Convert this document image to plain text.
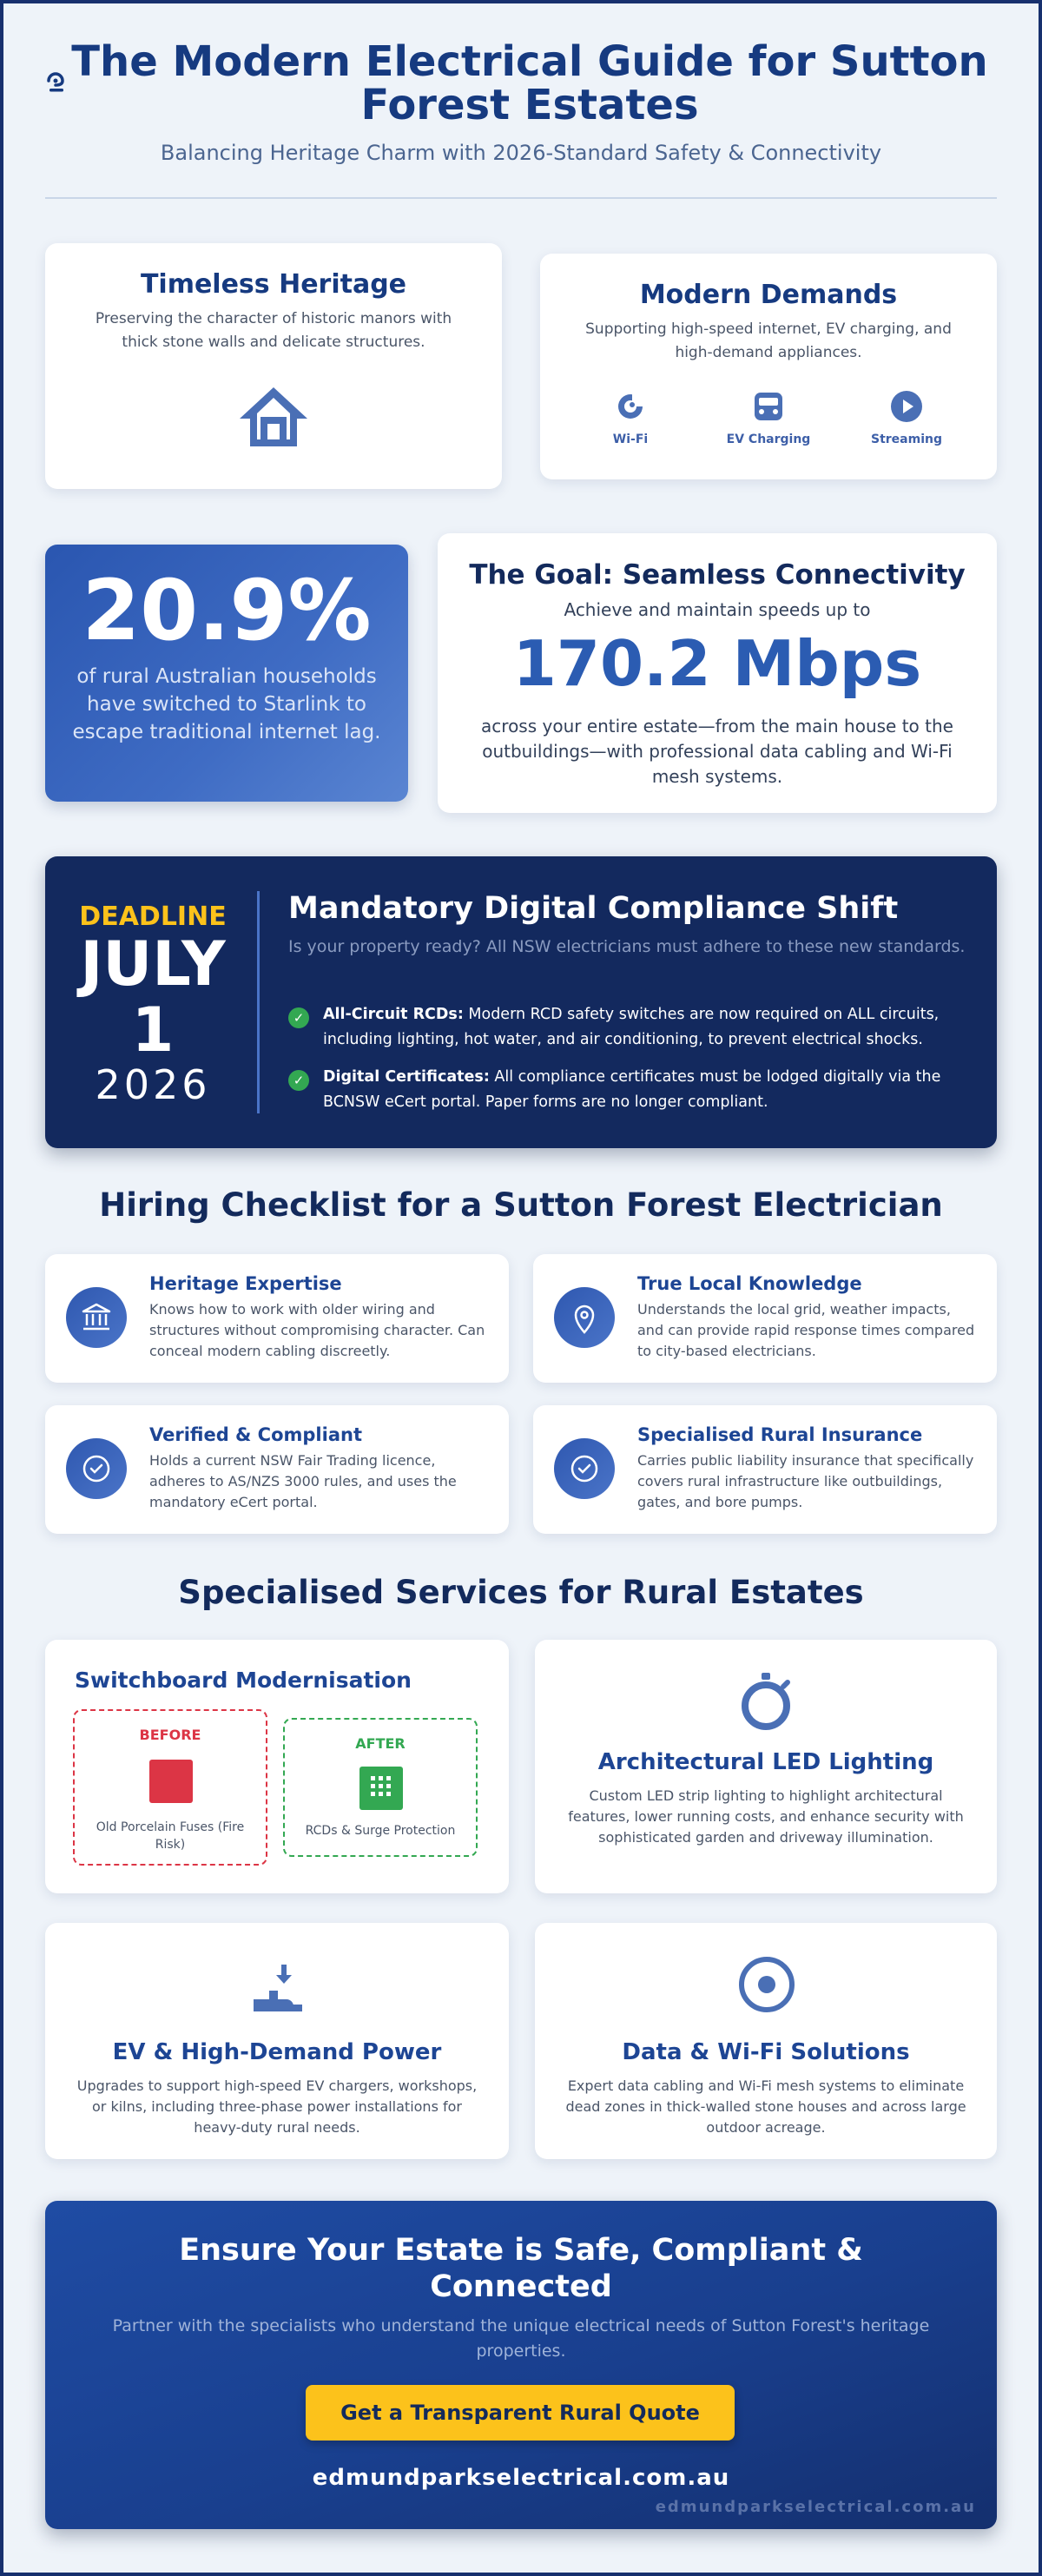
The Modern Electrical Guide for Sutton Forest Estates
Balancing Heritage Charm with 2026-Standard Safety & Connectivity
Timeless Heritage
Preserving the character of historic manors with thick stone walls and delicate structures.
Modern Demands
Supporting high-speed internet, EV charging, and high-demand appliances.
Wi-Fi	EV Charging	Streaming
20.9%
of rural Australian households have switched to Starlink to escape traditional internet lag.
The Goal: Seamless Connectivity
Achieve and maintain speeds up to
170.2 Mbps
across your entire estate—from the main house to the outbuildings—with professional data cabling and Wi-Fi mesh systems.
DEADLINE
JULY
1
2026
Mandatory Digital Compliance Shift
Is your property ready? All NSW electricians must adhere to these new standards.
✓	All-Circuit RCDs: Modern RCD safety switches are now required on ALL circuits, including lighting, hot water, and air conditioning, to prevent electrical shocks.
✓	Digital Certificates: All compliance certificates must be lodged digitally via the BCNSW eCert portal. Paper forms are no longer compliant.
Hiring Checklist for a Sutton Forest Electrician
Heritage Expertise
Knows how to work with older wiring and structures without compromising character. Can conceal modern cabling discreetly.
True Local Knowledge
Understands the local grid, weather impacts, and can provide rapid response times compared to city-based electricians.
Verified & Compliant
Holds a current NSW Fair Trading licence, adheres to AS/NZS 3000 rules, and uses the mandatory eCert portal.
Specialised Rural Insurance
Carries public liability insurance that specifically covers rural infrastructure like outbuildings, gates, and bore pumps.
Specialised Services for Rural Estates
Switchboard Modernisation
BEFORE
Old Porcelain Fuses (Fire Risk)
AFTER
RCDs & Surge Protection
Architectural LED Lighting
Custom LED strip lighting to highlight architectural features, lower running costs, and enhance security with sophisticated garden and driveway illumination.
EV & High-Demand Power
Upgrades to support high-speed EV chargers, workshops, or kilns, including three-phase power installations for heavy-duty rural needs.
Data & Wi-Fi Solutions
Expert data cabling and Wi-Fi mesh systems to eliminate dead zones in thick-walled stone houses and across large outdoor acreage.
Ensure Your Estate is Safe, Compliant & Connected
Partner with the specialists who understand the unique electrical needs of Sutton Forest's heritage properties.
Get a Transparent Rural Quote
edmundparkselectrical.com.au
edmundparkselectrical.com.au
